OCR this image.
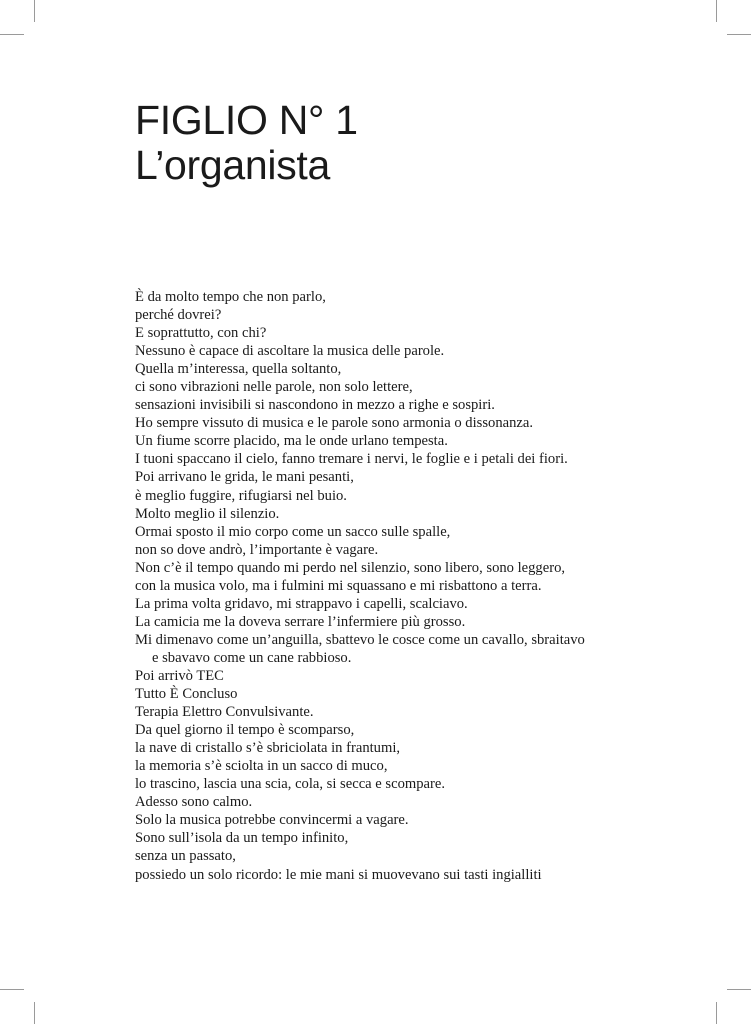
FIGLIO N° 1
L’organista
È da molto tempo che non parlo,
perché dovrei?
E soprattutto, con chi?
Nessuno è capace di ascoltare la musica delle parole.
Quella m’interessa, quella soltanto,
ci sono vibrazioni nelle parole, non solo lettere,
sensazioni invisibili si nascondono in mezzo a righe e sospiri.
Ho sempre vissuto di musica e le parole sono armonia o dissonanza.
Un fiume scorre placido, ma le onde urlano tempesta.
I tuoni spaccano il cielo, fanno tremare i nervi, le foglie e i petali dei fiori.
Poi arrivano le grida, le mani pesanti,
è meglio fuggire, rifugiarsi nel buio.
Molto meglio il silenzio.
Ormai sposto il mio corpo come un sacco sulle spalle,
non so dove andrò, l’importante è vagare.
Non c’è il tempo quando mi perdo nel silenzio, sono libero, sono leggero,
con la musica volo, ma i fulmini mi squassano e mi risbattono a terra.
La prima volta gridavo, mi strappavo i capelli, scalciavo.
La camicia me la doveva serrare l’infermiere più grosso.
Mi dimenavo come un’anguilla, sbattevo le cosce come un cavallo, sbraitavo
e sbavavo come un cane rabbioso.
Poi arrivò TEC
Tutto È Concluso
Terapia Elettro Convulsivante.
Da quel giorno il tempo è scomparso,
la nave di cristallo s’è sbriciolata in frantumi,
la memoria s’è sciolta in un sacco di muco,
lo trascino, lascia una scia, cola, si secca e scompare.
Adesso sono calmo.
Solo la musica potrebbe convincermi a vagare.
Sono sull’isola da un tempo infinito,
senza un passato,
possiedo un solo ricordo: le mie mani si muovevano sui tasti ingialliti
